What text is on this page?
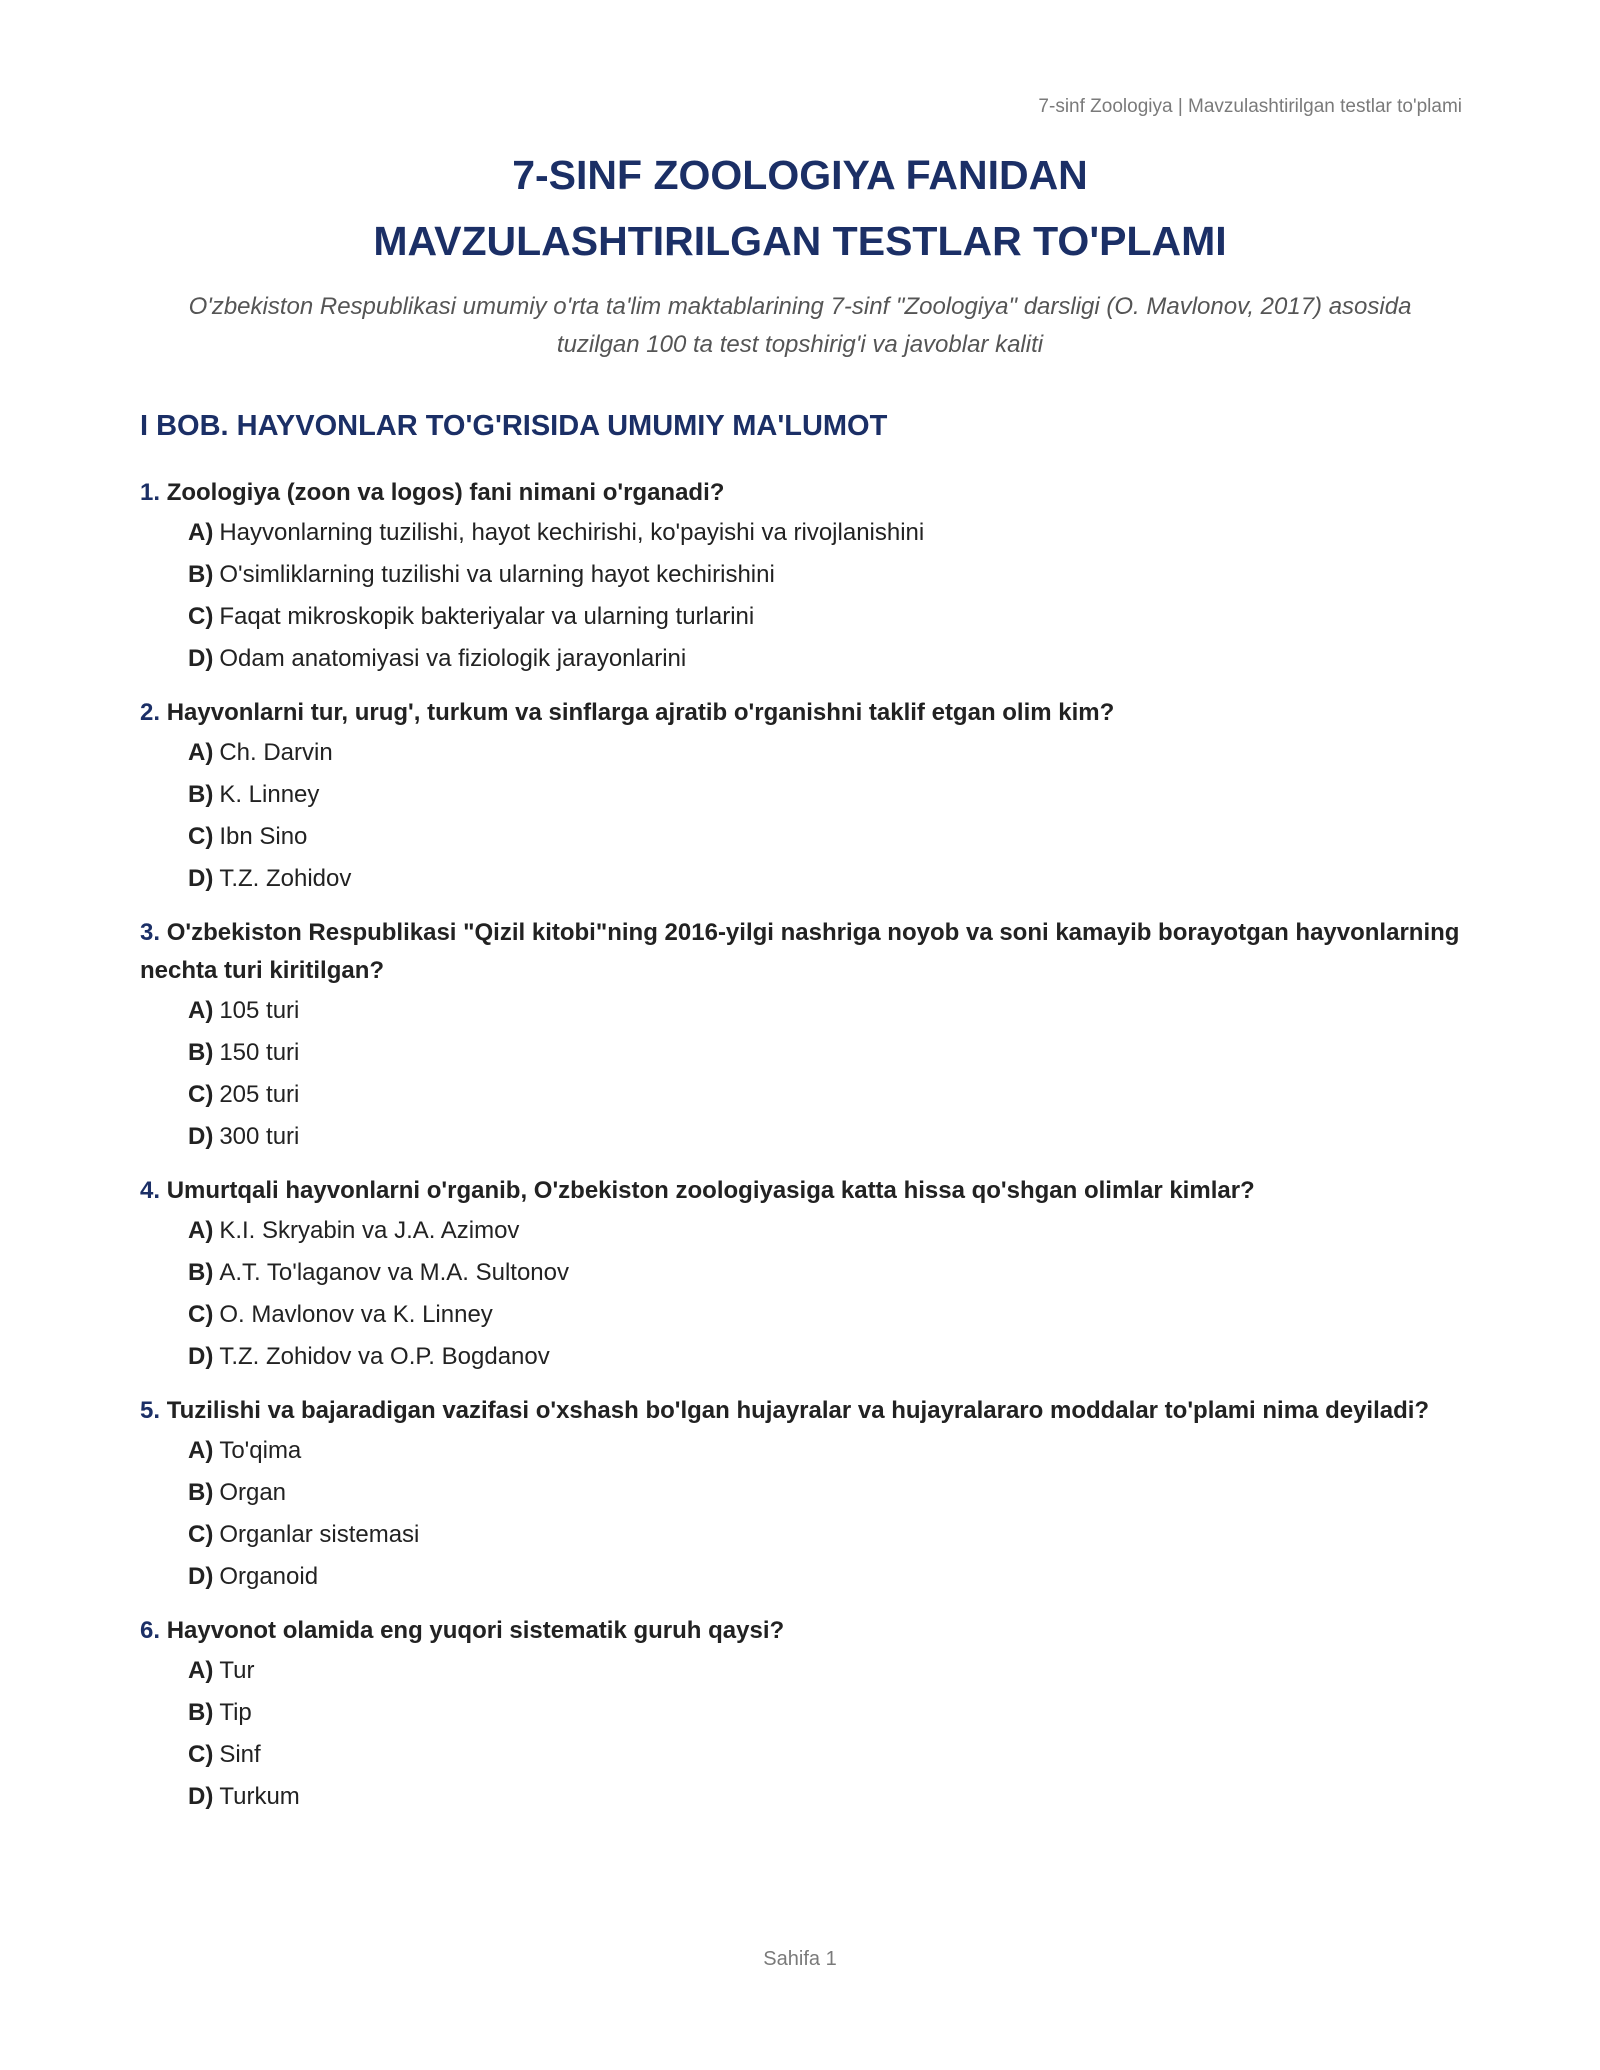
7-sinf Zoologiya | Mavzulashtirilgan testlar to'plami
7-SINF ZOOLOGIYA FANIDAN
MAVZULASHTIRILGAN TESTLAR TO'PLAMI
O'zbekiston Respublikasi umumiy o'rta ta'lim maktablarining 7-sinf "Zoologiya" darsligi (O. Mavlonov, 2017) asosida tuzilgan 100 ta test topshirig'i va javoblar kaliti
I BOB. HAYVONLAR TO'G'RISIDA UMUMIY MA'LUMOT
1. Zoologiya (zoon va logos) fani nimani o'rganadi?
A) Hayvonlarning tuzilishi, hayot kechirishi, ko'payishi va rivojlanishini
B) O'simliklarning tuzilishi va ularning hayot kechirishini
C) Faqat mikroskopik bakteriyalar va ularning turlarini
D) Odam anatomiyasi va fiziologik jarayonlarini
2. Hayvonlarni tur, urug', turkum va sinflarga ajratib o'rganishni taklif etgan olim kim?
A) Ch. Darvin
B) K. Linney
C) Ibn Sino
D) T.Z. Zohidov
3. O'zbekiston Respublikasi "Qizil kitobi"ning 2016-yilgi nashriga noyob va soni kamayib borayotgan hayvonlarning nechta turi kiritilgan?
A) 105 turi
B) 150 turi
C) 205 turi
D) 300 turi
4. Umurtqali hayvonlarni o'rganib, O'zbekiston zoologiyasiga katta hissa qo'shgan olimlar kimlar?
A) K.I. Skryabin va J.A. Azimov
B) A.T. To'laganov va M.A. Sultonov
C) O. Mavlonov va K. Linney
D) T.Z. Zohidov va O.P. Bogdanov
5. Tuzilishi va bajaradigan vazifasi o'xshash bo'lgan hujayralar va hujayralararo moddalar to'plami nima deyiladi?
A) To'qima
B) Organ
C) Organlar sistemasi
D) Organoid
6. Hayvonot olamida eng yuqori sistematik guruh qaysi?
A) Tur
B) Tip
C) Sinf
D) Turkum
Sahifa 1
